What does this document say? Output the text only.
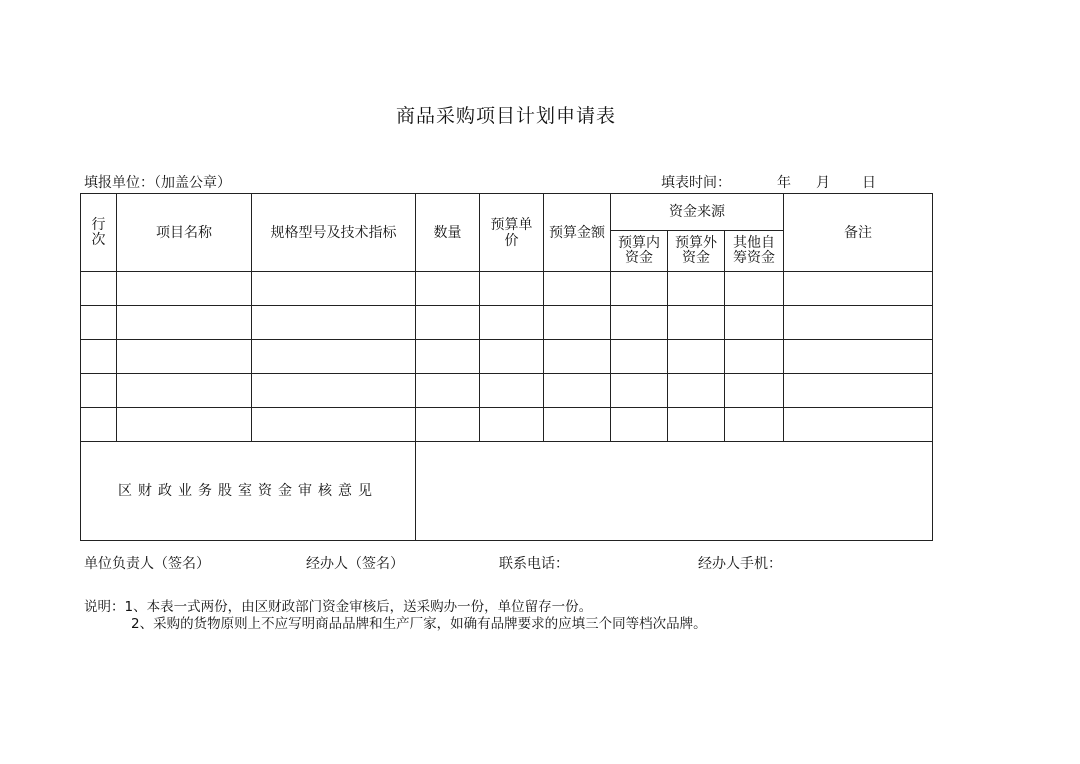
商品采购项目计划申请表
填报单位：（加盖公章）	填表时间：	年 月 日
行次	项目名称	规格型号及技术指标	数量	预算单价	预算金额	资金来源			备注
						预算内资金	预算外资金	其他自筹资金	

区财政业务股室资金审核意见									
单位负责人（签名）	经办人（签名）	联系电话：	经办人手机：
说明：1、本表一式两份，由区财政部门资金审核后，送采购办一份，单位留存一份。
2、采购的货物原则上不应写明商品品牌和生产厂家，如确有品牌要求的应填三个同等档次品牌。
